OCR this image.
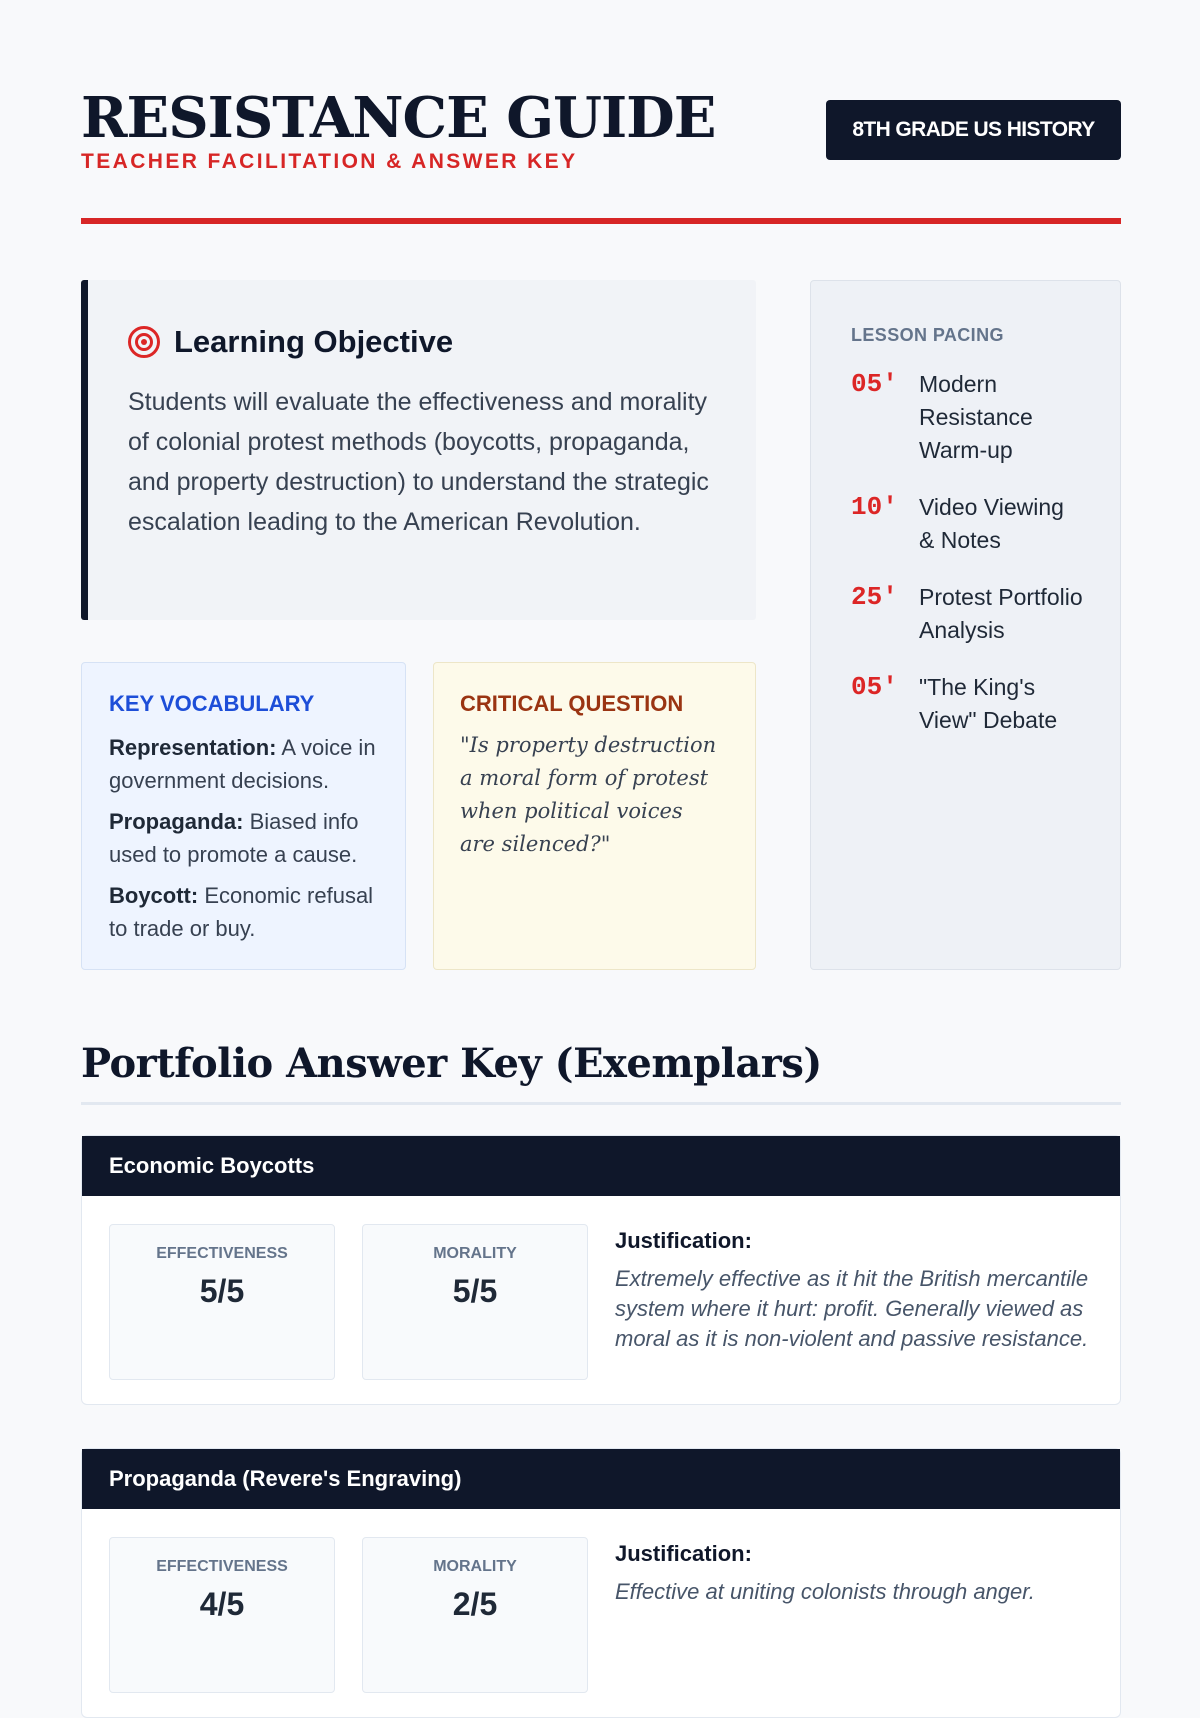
RESISTANCE GUIDE
TEACHER FACILITATION & ANSWER KEY
8TH GRADE US HISTORY
Learning Objective
Students will evaluate the effectiveness and morality of colonial protest methods (boycotts, propaganda, and property destruction) to understand the strategic escalation leading to the American Revolution.
KEY VOCABULARY
Representation: A voice in government decisions.
Propaganda: Biased info used to promote a cause.
Boycott: Economic refusal to trade or buy.
CRITICAL QUESTION
"Is property destruction a moral form of protest when political voices are silenced?"
LESSON PACING
05' Modern Resistance Warm-up
10' Video Viewing & Notes
25' Protest Portfolio Analysis
05' "The King's View" Debate
Portfolio Answer Key (Exemplars)
Economic Boycotts
EFFECTIVENESS
5/5
MORALITY
5/5
Justification:
Extremely effective as it hit the British mercantile system where it hurt: profit. Generally viewed as moral as it is non-violent and passive resistance.
Propaganda (Revere's Engraving)
EFFECTIVENESS
4/5
MORALITY
2/5
Justification:
Effective at uniting colonists through anger.
